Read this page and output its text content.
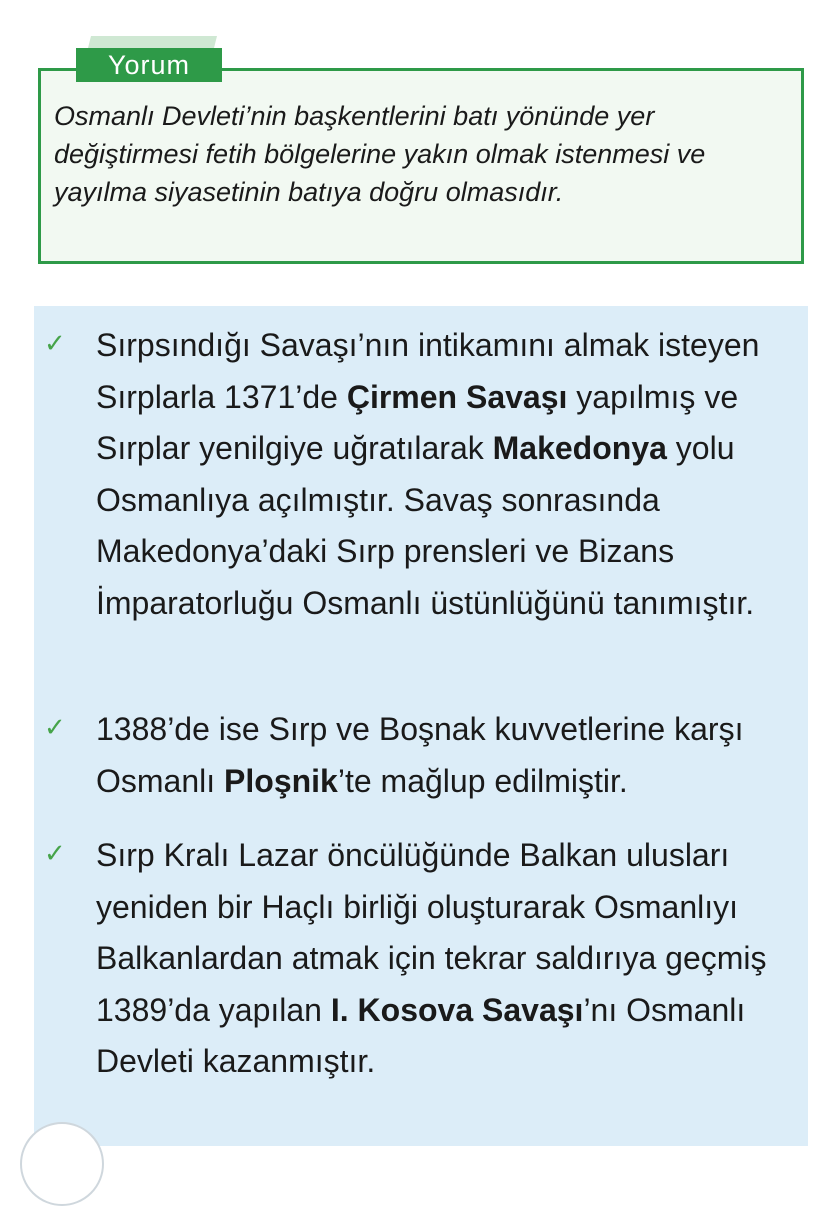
Yorum

Osmanlı Devleti’nin başkentlerini batı yönünde yer değiştirmesi fetih bölgelerine yakın olmak istenmesi ve yayılma siyasetinin batıya doğru olmasıdır.

✓ Sırpsındığı Savaşı’nın intikamını almak isteyen Sırplarla 1371’de Çirmen Savaşı yapılmış ve Sırplar yenilgiye uğratılarak Makedonya yolu Osmanlıya açılmıştır. Savaş sonrasında Makedonya’daki Sırp prensleri ve Bizans İmparatorluğu Osmanlı üstünlüğünü tanımıştır.

✓ 1388’de ise Sırp ve Boşnak kuvvetlerine karşı Osmanlı Ploşnik’te mağlup edilmiştir.

✓ Sırp Kralı Lazar öncülüğünde Balkan ulusları yeniden bir Haçlı birliği oluşturarak Osmanlıyı Balkanlardan atmak için tekrar saldırıya geçmiş 1389’da yapılan I. Kosova Savaşı’nı Osmanlı Devleti kazanmıştır.
